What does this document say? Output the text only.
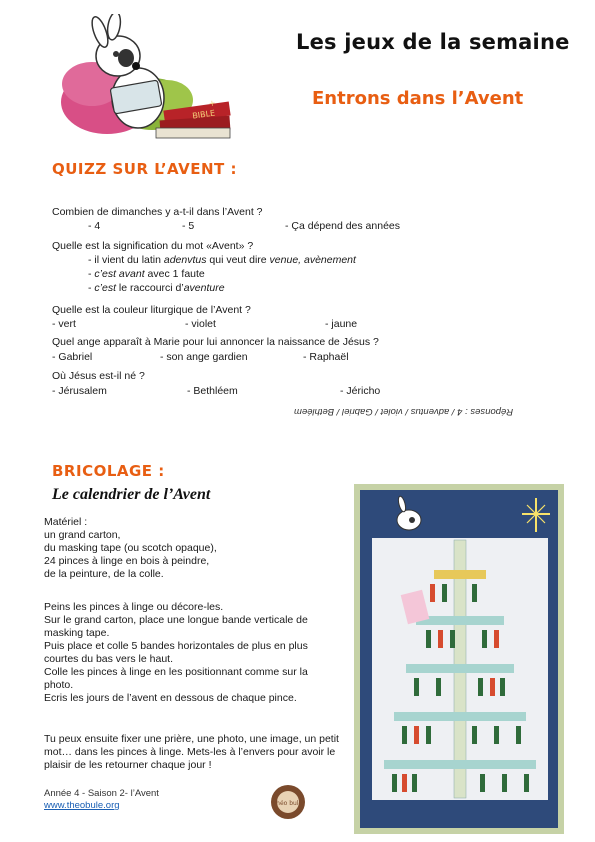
BIBLE
+
Les jeux de la semaine
Entrons dans l’Avent
QUIZZ SUR L’AVENT :
Combien de dimanches y a-t-il dans l’Avent ?
- 4	- 5	- Ça dépend des années
Quelle est la signification du mot «Avent» ?
- il vient du latin adenvtus qui veut dire venue, avènement
- c’est avant avec 1 faute
- c’est le raccourci d’aventure
Quelle est la couleur liturgique de l’Avent ?
- vert	- violet	- jaune
Quel ange apparaît à Marie pour lui annoncer la naissance de Jésus ?
- Gabriel	- son ange gardien	- Raphaël
Où Jésus est-il né ?
- Jérusalem	- Bethléem	- Jéricho
Réponses : 4 / adventus / violet / Gabriel / Bethléem
BRICOLAGE :
Le calendrier de l’Avent
Matériel :
un grand carton,
du masking tape (ou scotch opaque),
24 pinces à linge en bois à peindre,
de la peinture, de la colle.
Peins les pinces à linge ou décore-les.
Sur le grand carton, place une longue bande verticale de masking tape.
Puis place et colle 5 bandes horizontales de plus en plus courtes du bas vers le haut.
Colle les pinces à linge en les positionnant comme sur la photo.
Ecris les jours de l’avent en dessous de chaque pince.
Tu peux ensuite fixer une prière, une photo, une image, un petit mot… dans les pinces à linge. Mets-les à l’envers pour avoir le plaisir de les retourner chaque jour !
Année 4 - Saison 2- l’Avent
www.theobule.org	théo bule
